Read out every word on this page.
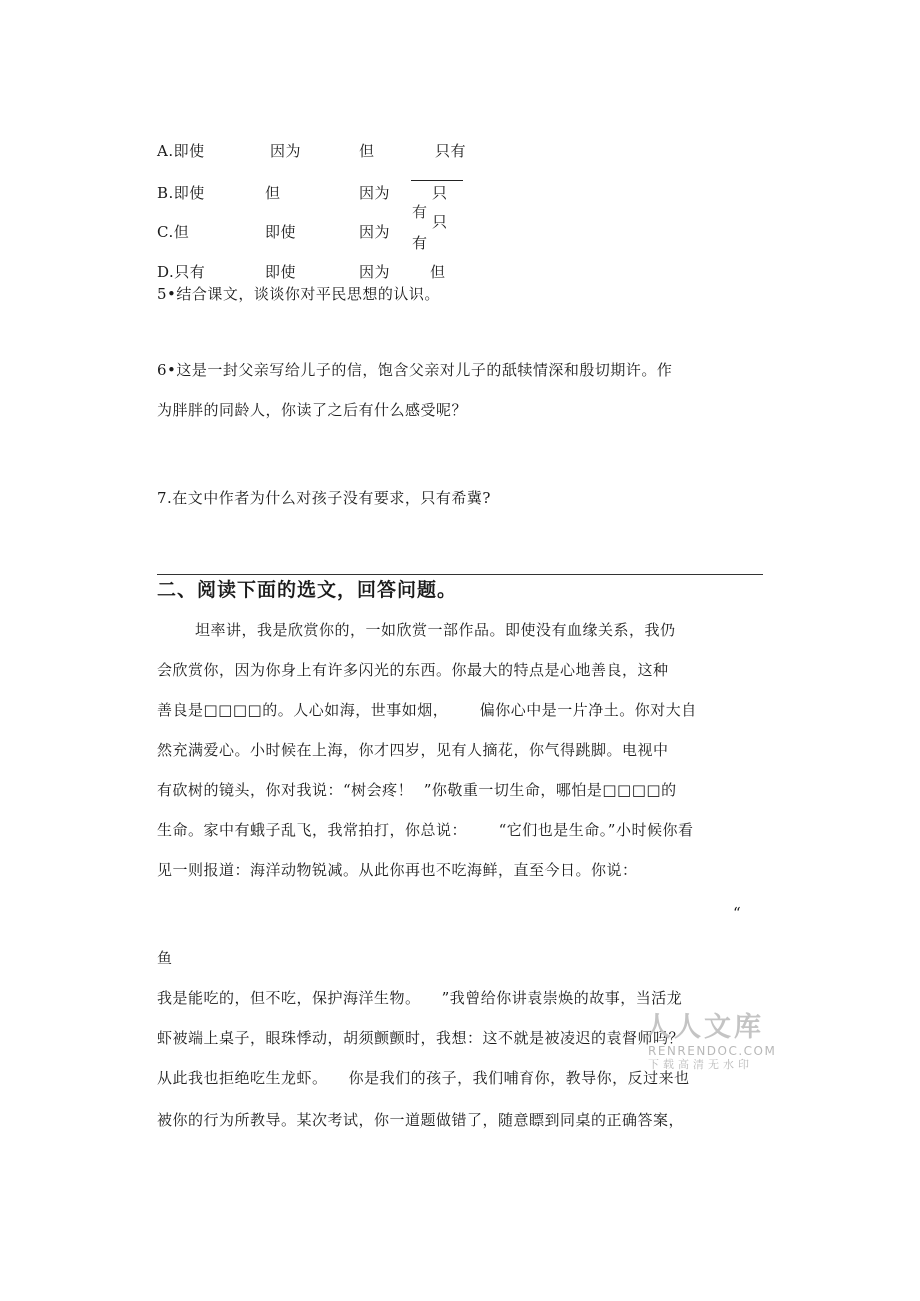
A.即使	因为	但	只有
B.即使	但	因为	只
有
C.但	即使	因为
只
有
D.只有	即使	因为	但
5•结合课文，谈谈你对平民思想的认识。
6•这是一封父亲写给儿子的信，饱含父亲对儿子的舐犊情深和殷切期许。作
为胖胖的同龄人，你读了之后有什么感受呢？
7.在文中作者为什么对孩子没有要求，只有希冀?
二、阅读下面的选文，回答问题。
坦率讲，我是欣赏你的，一如欣赏一部作品。即使没有血缘关系，我仍
会欣赏你，因为你身上有许多闪光的东西。你最大的特点是心地善良，这种
善良是□□□□的。人心如海，世事如烟，      偏你心中是一片净土。你对大自
然充满爱心。小时候在上海，你才四岁，见有人摘花，你气得跳脚。电视中
有砍树的镜头，你对我说：“树会疼！  ”你敬重一切生命，哪怕是□□□□的
生命。家中有蛾子乱飞，我常拍打，你总说：      “它们也是生命。”小时候你看
见一则报道：海洋动物锐减。从此你再也不吃海鲜，直至今日。你说：
“
鱼
我是能吃的，但不吃，保护海洋生物。    ”我曾给你讲袁崇焕的故事，当活龙
虾被端上桌子，眼珠悸动，胡须颤颤时，我想：这不就是被凌迟的袁督师吗？
从此我也拒绝吃生龙虾。    你是我们的孩子，我们哺育你，教导你，反过来也
被你的行为所教导。某次考试，你一道题做错了，随意瞟到同桌的正确答案，
人人文库
RENRENDOC.COM
下载高清无水印
